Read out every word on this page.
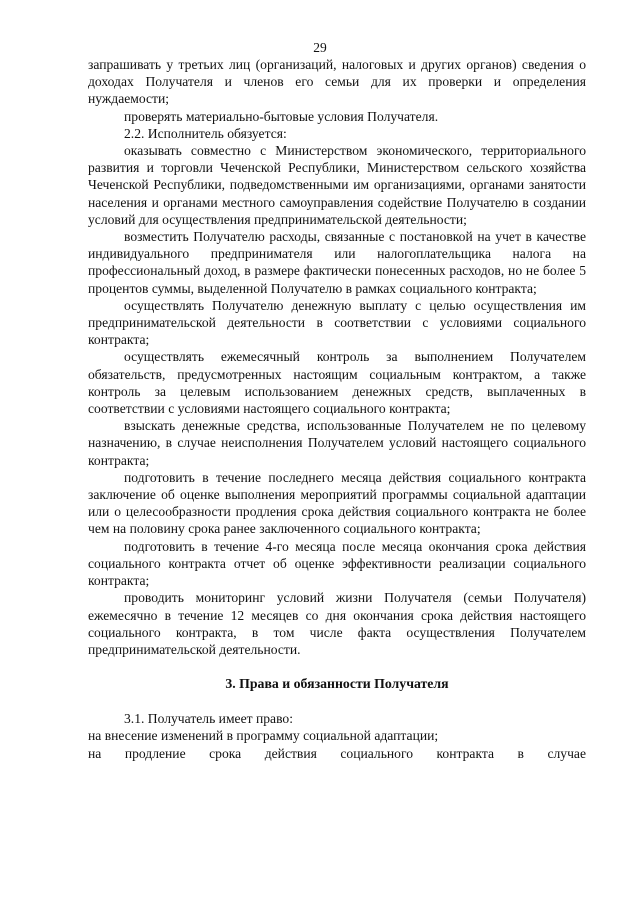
29

запрашивать у третьих лиц (организаций, налоговых и других органов) сведения о доходах Получателя и членов его семьи для их проверки и определения нуждаемости;

проверять материально-бытовые условия Получателя.

2.2. Исполнитель обязуется:

оказывать совместно с Министерством экономического, территориального развития и торговли Чеченской Республики, Министерством сельского хозяйства Чеченской Республики, подведомственными им организациями, органами занятости населения и органами местного самоуправления содействие Получателю в создании условий для осуществления предпринимательской деятельности;

возместить Получателю расходы, связанные с постановкой на учет в качестве индивидуального предпринимателя или налогоплательщика налога на профессиональный доход, в размере фактически понесенных расходов, но не более 5 процентов суммы, выделенной Получателю в рамках социального контракта;

осуществлять Получателю денежную выплату с целью осуществления им предпринимательской деятельности в соответствии с условиями социального контракта;

осуществлять ежемесячный контроль за выполнением Получателем обязательств, предусмотренных настоящим социальным контрактом, а также контроль за целевым использованием денежных средств, выплаченных в соответствии с условиями настоящего социального контракта;

взыскать денежные средства, использованные Получателем не по целевому назначению, в случае неисполнения Получателем условий настоящего социального контракта;

подготовить в течение последнего месяца действия социального контракта заключение об оценке выполнения мероприятий программы социальной адаптации или о целесообразности продления срока действия социального контракта не более чем на половину срока ранее заключенного социального контракта;

подготовить в течение 4-го месяца после месяца окончания срока действия социального контракта отчет об оценке эффективности реализации социального контракта;

проводить мониторинг условий жизни Получателя (семьи Получателя) ежемесячно в течение 12 месяцев со дня окончания срока действия настоящего социального контракта, в том числе факта осуществления Получателем предпринимательской деятельности.

3. Права и обязанности Получателя

3.1. Получатель имеет право:

на внесение изменений в программу социальной адаптации;

на продление срока действия социального контракта в случае
